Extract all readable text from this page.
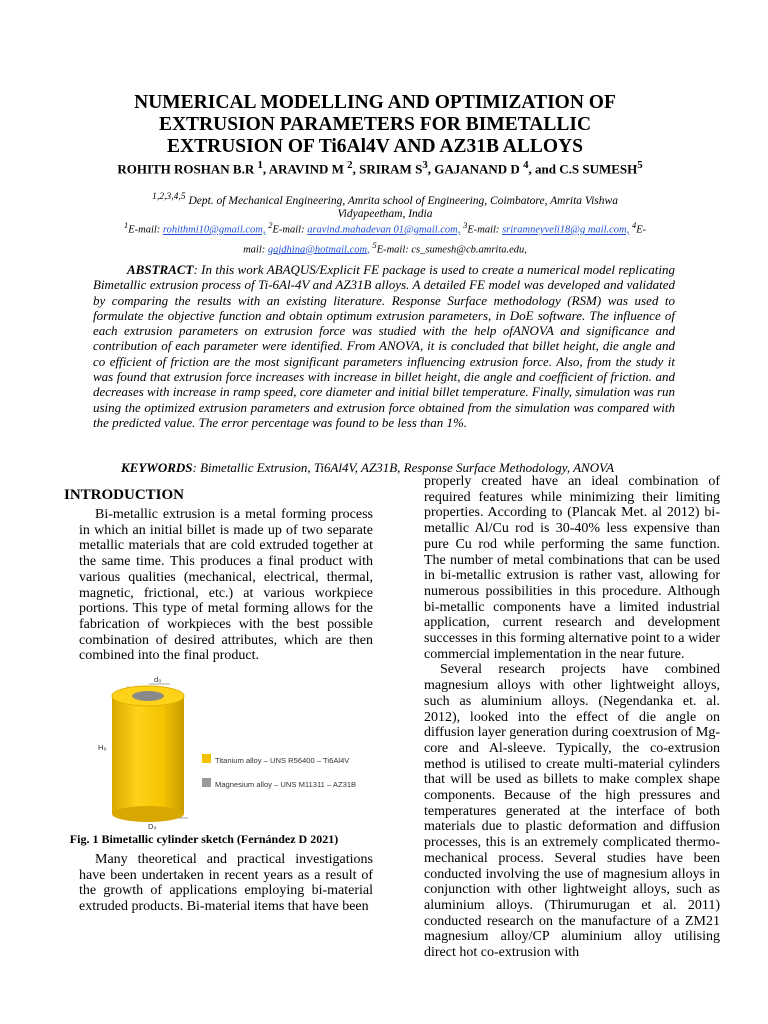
NUMERICAL MODELLING AND OPTIMIZATION OF
EXTRUSION PARAMETERS FOR BIMETALLIC
EXTRUSION OF Ti6Al4V AND AZ31B ALLOYS
ROHITH ROSHAN B.R $^1$, ARAVIND M $^2$, SRIRAM $S^3$, GAJANAND D $^4$, and C.S SUMESH$^5$
$^{1,2,3,4,5}$ Dept. of Mechanical Engineering, Amrita school of Engineering, Coimbatore, Amrita Vishwa Vidyapeetham, India
$^1$E-mail: rohithmi10@gmail.com, $^2$E-mail: aravind.mahadevan 01@gmail.com, $^3$E-mail: sriramneyveli18@g mail.com, $^4$E-mail: gajdhina@hotmail.com, $^5$E-mail: cs_sumesh@cb.amrita.edu,
ABSTRACT: In this work ABAQUS/Explicit FE package is used to create a numerical model replicating Bimetallic extrusion process of Ti-6Al-4V and AZ31B alloys. A detailed FE model was developed and validated by comparing the results with an existing literature. Response Surface methodology (RSM) was used to formulate the objective function and obtain optimum extrusion parameters, in DoE software. The influence of each extrusion parameters on extrusion force was studied with the help ofANOVA and significance and contribution of each parameter were identified. From ANOVA, it is concluded that billet height, die angle and co efficient of friction are the most significant parameters influencing extrusion force. Also, from the study it was found that extrusion force increases with increase in billet height, die angle and coefficient of friction. and decreases with increase in ramp speed, core diameter and initial billet temperature. Finally, simulation was run using the optimized extrusion parameters and extrusion force obtained from the simulation was compared with the predicted value. The error percentage was found to be less than 1%.
KEYWORDS: Bimetallic Extrusion, Ti6Al4V, AZ31B, Response Surface Methodology, ANOVA
INTRODUCTION

Bi-metallic extrusion is a metal forming process in which an initial billet is made up of two separate metallic materials that are cold extruded together at the same time. This produces a final product with various qualities (mechanical, electrical, thermal, magnetic, frictional, etc.) at various workpiece portions. This type of metal forming allows for the fabrication of workpieces with the best possible combination of desired attributes, which are then combined into the final product.

d₀
H₀
D₀
Titanium alloy – UNS R56400 – Ti6Al4V
Magnesium alloy – UNS M11311 – AZ31B
Fig. 1 Bimetallic cylinder sketch (Fernández D 2021)

Many theoretical and practical investigations have been undertaken in recent years as a result of the growth of applications employing bi-material extruded products. Bi-material items that have been

properly created have an ideal combination of required features while minimizing their limiting properties. According to (Plancak Met. al 2012) bi-metallic Al/Cu rod is 30-40% less expensive than pure Cu rod while performing the same function. The number of metal combinations that can be used in bi-metallic extrusion is rather vast, allowing for numerous possibilities in this procedure. Although bi-metallic components have a limited industrial application, current research and development successes in this forming alternative point to a wider commercial implementation in the near future.

Several research projects have combined magnesium alloys with other lightweight alloys, such as aluminium alloys. (Negendanka et. al. 2012), looked into the effect of die angle on diffusion layer generation during coextrusion of Mg-core and Al-sleeve. Typically, the co-extrusion method is utilised to create multi-material cylinders that will be used as billets to make complex shape components. Because of the high pressures and temperatures generated at the interface of both materials due to plastic deformation and diffusion processes, this is an extremely complicated thermo-mechanical process. Several studies have been conducted involving the use of magnesium alloys in conjunction with other lightweight alloys, such as aluminium alloys. (Thirumurugan et al. 2011) conducted research on the manufacture of a ZM21 magnesium alloy/CP aluminium alloy utilising direct hot co-extrusion with
